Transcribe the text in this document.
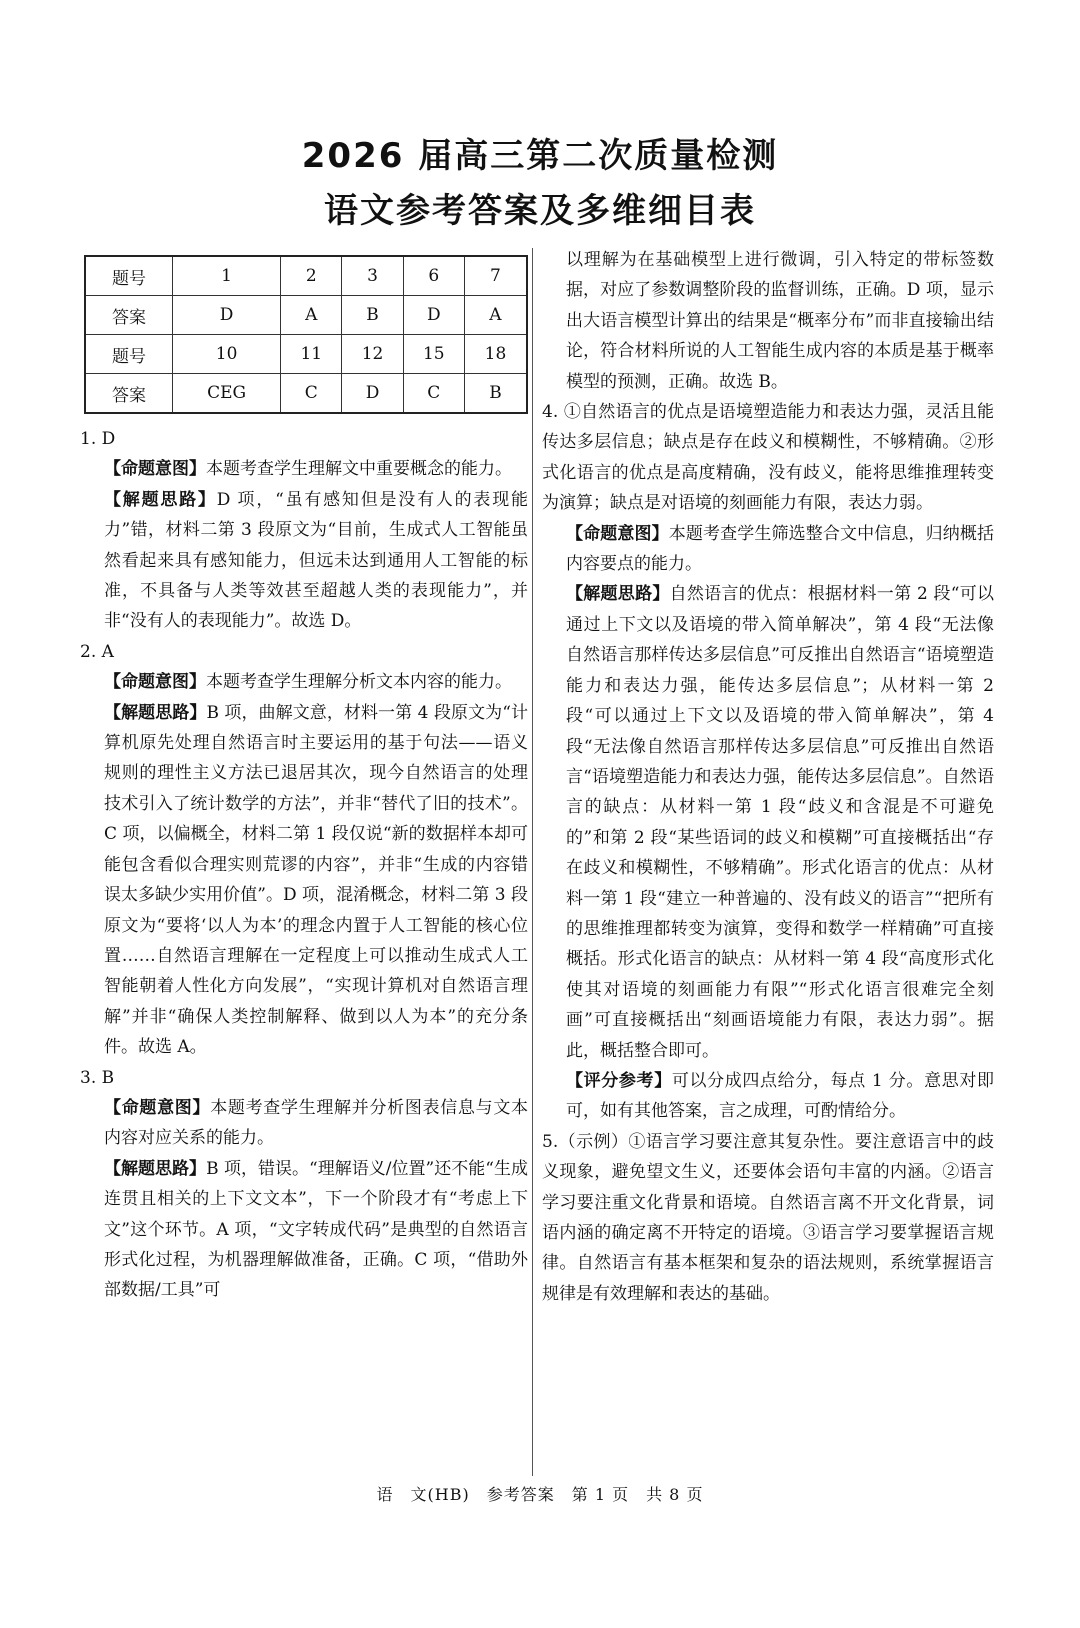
2026 届高三第二次质量检测
语文参考答案及多维细目表
题号	1	2	3	6	7
答案	D	A	B	D	A
题号	10	11	12	15	18
答案	CEG	C	D	C	B

1. D

【命题意图】本题考查学生理解文中重要概念的能力。

【解题思路】D 项，“虽有感知但是没有人的表现能力”错，材料二第 3 段原文为“目前，生成式人工智能虽然看起来具有感知能力，但远未达到通用人工智能的标准，不具备与人类等效甚至超越人类的表现能力”，并非“没有人的表现能力”。故选 D。

2. A

【命题意图】本题考查学生理解分析文本内容的能力。

【解题思路】B 项，曲解文意，材料一第 4 段原文为“计算机原先处理自然语言时主要运用的基于句法——语义规则的理性主义方法已退居其次，现今自然语言的处理技术引入了统计数学的方法”，并非“替代了旧的技术”。C 项，以偏概全，材料二第 1 段仅说“新的数据样本却可能包含看似合理实则荒谬的内容”，并非“生成的内容错误太多缺少实用价值”。D 项，混淆概念，材料二第 3 段原文为“要将‘以人为本’的理念内置于人工智能的核心位置……自然语言理解在一定程度上可以推动生成式人工智能朝着人性化方向发展”，“实现计算机对自然语言理解”并非“确保人类控制解释、做到以人为本”的充分条件。故选 A。

3. B

【命题意图】本题考查学生理解并分析图表信息与文本内容对应关系的能力。

【解题思路】B 项，错误。“理解语义/位置”还不能“生成连贯且相关的上下文文本”，下一个阶段才有“考虑上下文”这个环节。A 项，“文字转成代码”是典型的自然语言形式化过程，为机器理解做准备，正确。C 项，“借助外部数据/工具”可

以理解为在基础模型上进行微调，引入特定的带标签数据，对应了参数调整阶段的监督训练，正确。D 项，显示出大语言模型计算出的结果是“概率分布”而非直接输出结论，符合材料所说的人工智能生成内容的本质是基于概率模型的预测，正确。故选 B。

4. ①自然语言的优点是语境塑造能力和表达力强，灵活且能传达多层信息；缺点是存在歧义和模糊性，不够精确。②形式化语言的优点是高度精确，没有歧义，能将思维推理转变为演算；缺点是对语境的刻画能力有限，表达力弱。

【命题意图】本题考查学生筛选整合文中信息，归纳概括内容要点的能力。

【解题思路】自然语言的优点：根据材料一第 2 段“可以通过上下文以及语境的带入简单解决”，第 4 段“无法像自然语言那样传达多层信息”可反推出自然语言“语境塑造能力和表达力强，能传达多层信息”；从材料一第 2 段“可以通过上下文以及语境的带入简单解决”，第 4 段“无法像自然语言那样传达多层信息”可反推出自然语言“语境塑造能力和表达力强，能传达多层信息”。自然语言的缺点：从材料一第 1 段“歧义和含混是不可避免的”和第 2 段“某些语词的歧义和模糊”可直接概括出“存在歧义和模糊性，不够精确”。形式化语言的优点：从材料一第 1 段“建立一种普遍的、没有歧义的语言”“把所有的思维推理都转变为演算，变得和数学一样精确”可直接概括。形式化语言的缺点：从材料一第 4 段“高度形式化使其对语境的刻画能力有限”“形式化语言很难完全刻画”可直接概括出“刻画语境能力有限，表达力弱”。据此，概括整合即可。

【评分参考】可以分成四点给分，每点 1 分。意思对即可，如有其他答案，言之成理，可酌情给分。

5.（示例）①语言学习要注意其复杂性。要注意语言中的歧义现象，避免望文生义，还要体会语句丰富的内涵。②语言学习要注重文化背景和语境。自然语言离不开文化背景，词语内涵的确定离不开特定的语境。③语言学习要掌握语言规律。自然语言有基本框架和复杂的语法规则，系统掌握语言规律是有效理解和表达的基础。

语　文(HB)　参考答案　第 1 页　共 8 页
